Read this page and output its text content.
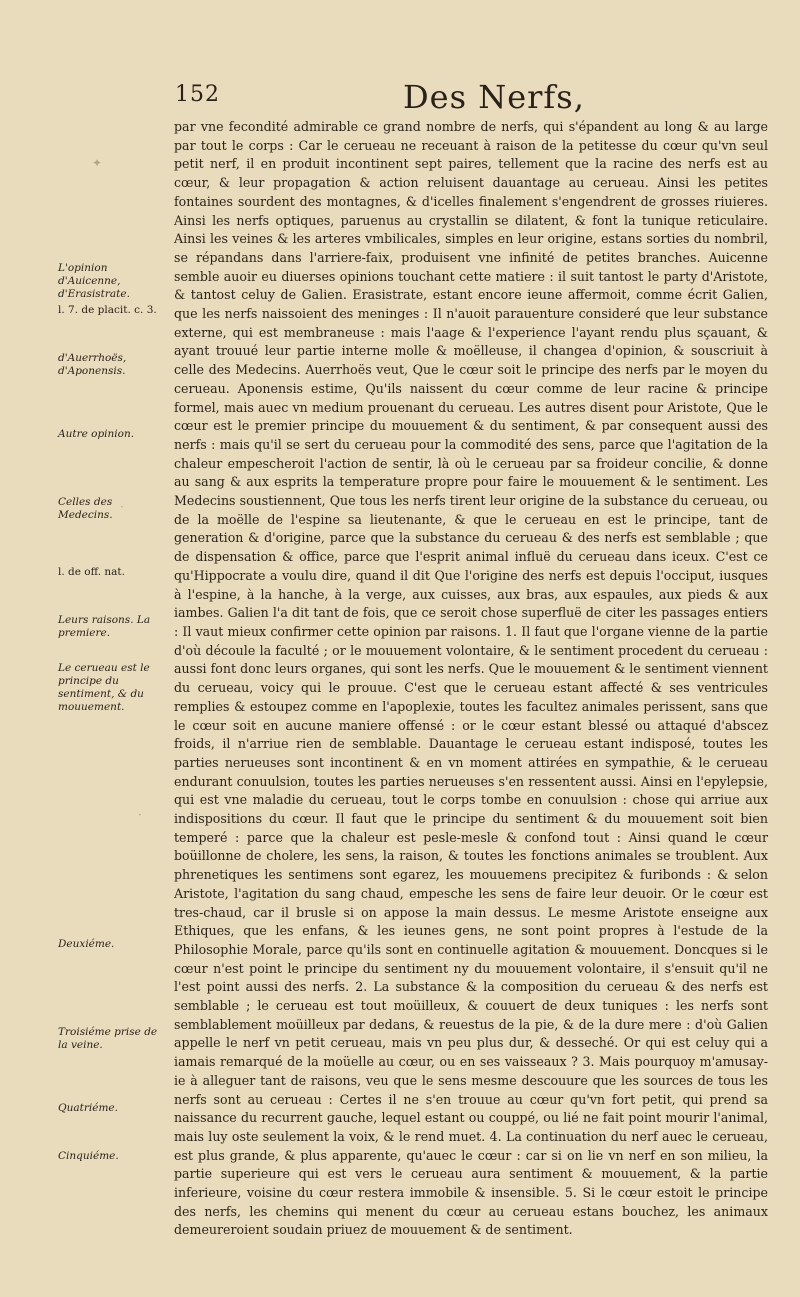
152	Des Nerfs,
L'opinion d'Auicenne, d'Erasistrate.
l. 7. de placit. c. 3.
d'Auerrhoës, d'Aponensis.
Autre opinion.
Celles des Medecins.
l. de off. nat.
Leurs raisons. La premiere.
Le cerueau est le principe du sentiment, & du mouuement.
Deuxiéme.
Troisiéme prise de la veine.
Quatriéme.
Cinquiéme.

par vne fecondité admirable ce grand nombre de nerfs, qui s'épandent au long & au large par tout le corps : Car le cerueau ne receuant à raison de la petitesse du cœur qu'vn seul petit nerf, il en produit incontinent sept paires, tellement que la racine des nerfs est au cœur, & leur propagation & action reluisent dauantage au cerueau. Ainsi les petites fontaines sourdent des montagnes, & d'icelles finalement s'engendrent de grosses riuieres. Ainsi les nerfs optiques, paruenus au crystallin se dilatent, & font la tunique reticulaire. Ainsi les veines & les arteres vmbilicales, simples en leur origine, estans sorties du nombril, se répandans dans l'arriere-faix, produisent vne infinité de petites branches. Auicenne semble auoir eu diuerses opinions touchant cette matiere : il suit tantost le party d'Aristote, & tantost celuy de Galien. Erasistrate, estant encore ieune affermoit, comme écrit Galien, que les nerfs naissoient des meninges : Il n'auoit parauenture consideré que leur substance externe, qui est membraneuse : mais l'aage & l'experience l'ayant rendu plus sçauant, & ayant trouué leur partie interne molle & moëlleuse, il changea d'opinion, & souscriuit à celle des Medecins. Auerrhoës veut, Que le cœur soit le principe des nerfs par le moyen du cerueau. Aponensis estime, Qu'ils naissent du cœur comme de leur racine & principe formel, mais auec vn medium prouenant du cerueau. Les autres disent pour Aristote, Que le cœur est le premier principe du mouuement & du sentiment, & par consequent aussi des nerfs : mais qu'il se sert du cerueau pour la commodité des sens, parce que l'agitation de la chaleur empescheroit l'action de sentir, là où le cerueau par sa froideur concilie, & donne au sang & aux esprits la temperature propre pour faire le mouuement & le sentiment. Les Medecins soustiennent, Que tous les nerfs tirent leur origine de la substance du cerueau, ou de la moëlle de l'espine sa lieutenante, & que le cerueau en est le principe, tant de generation & d'origine, parce que la substance du cerueau & des nerfs est semblable ; que de dispensation & office, parce que l'esprit animal influë du cerueau dans iceux. C'est ce qu'Hippocrate a voulu dire, quand il dit Que l'origine des nerfs est depuis l'occiput, iusques à l'espine, à la hanche, à la verge, aux cuisses, aux bras, aux espaules, aux pieds & aux iambes. Galien l'a dit tant de fois, que ce seroit chose superfluë de citer les passages entiers : Il vaut mieux confirmer cette opinion par raisons. 1. Il faut que l'organe vienne de la partie d'où découle la faculté ; or le mouuement volontaire, & le sentiment procedent du cerueau : aussi font donc leurs organes, qui sont les nerfs. Que le mouuement & le sentiment viennent du cerueau, voicy qui le prouue. C'est que le cerueau estant affecté & ses ventricules remplies & estoupez comme en l'apoplexie, toutes les facultez animales perissent, sans que le cœur soit en aucune maniere offensé : or le cœur estant blessé ou attaqué d'abscez froids, il n'arriue rien de semblable. Dauantage le cerueau estant indisposé, toutes les parties nerueuses sont incontinent & en vn moment attirées en sympathie, & le cerueau endurant conuulsion, toutes les parties nerueuses s'en ressentent aussi. Ainsi en l'epylepsie, qui est vne maladie du cerueau, tout le corps tombe en conuulsion : chose qui arriue aux indispositions du cœur. Il faut que le principe du sentiment & du mouuement soit bien temperé : parce que la chaleur est pesle-mesle & confond tout : Ainsi quand le cœur boüillonne de cholere, les sens, la raison, & toutes les fonctions animales se troublent. Aux phrenetiques les sentimens sont egarez, les mouuemens precipitez & furibonds : & selon Aristote, l'agitation du sang chaud, empesche les sens de faire leur deuoir. Or le cœur est tres-chaud, car il brusle si on appose la main dessus. Le mesme Aristote enseigne aux Ethiques, que les enfans, & les ieunes gens, ne sont point propres à l'estude de la Philosophie Morale, parce qu'ils sont en continuelle agitation & mouuement. Doncques si le cœur n'est point le principe du sentiment ny du mouuement volontaire, il s'ensuit qu'il ne l'est point aussi des nerfs. 2. La substance & la composition du cerueau & des nerfs est semblable ; le cerueau est tout moüilleux, & couuert de deux tuniques : les nerfs sont semblablement moüilleux par dedans, & reuestus de la pie, & de la dure mere : d'où Galien appelle le nerf vn petit cerueau, mais vn peu plus dur, & desseché. Or qui est celuy qui a iamais remarqué de la moüelle au cœur, ou en ses vaisseaux ? 3. Mais pourquoy m'amusay-ie à alleguer tant de raisons, veu que le sens mesme descouure que les sources de tous les nerfs sont au cerueau : Certes il ne s'en trouue au cœur qu'vn fort petit, qui prend sa naissance du recurrent gauche, lequel estant ou couppé, ou lié ne fait point mourir l'animal, mais luy oste seulement la voix, & le rend muet. 4. La continuation du nerf auec le cerueau, est plus grande, & plus apparente, qu'auec le cœur : car si on lie vn nerf en son milieu, la partie superieure qui est vers le cerueau aura sentiment & mouuement, & la partie inferieure, voisine du cœur restera immobile & insensible. 5. Si le cœur estoit le principe des nerfs, les chemins qui menent du cœur au cerueau estans bouchez, les animaux demeureroient soudain priuez de mouuement & de sentiment.

✦
·
·
